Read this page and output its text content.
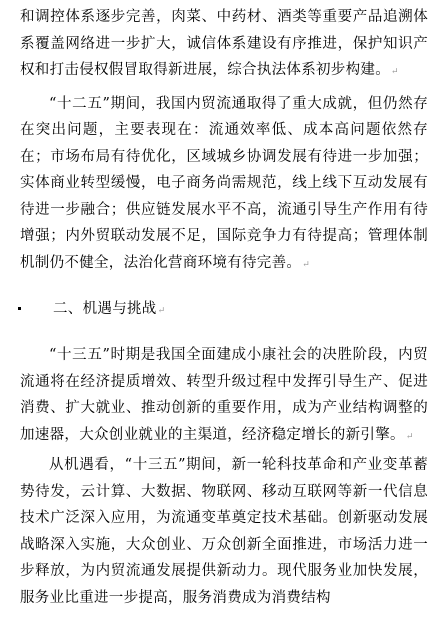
和调控体系逐步完善，肉菜、中药材、酒类等重要产品追溯体系覆盖网络进一步扩大，诚信体系建设有序推进，保护知识产权和打击侵权假冒取得新进展，综合执法体系初步构建。↵

“十二五”期间，我国内贸流通取得了重大成就，但仍然存在突出问题，主要表现在：流通效率低、成本高问题依然存在；市场布局有待优化，区域城乡协调发展有待进一步加强；实体商业转型缓慢，电子商务尚需规范，线上线下互动发展有待进一步融合；供应链发展水平不高，流通引导生产作用有待增强；内外贸联动发展不足，国际竞争力有待提高；管理体制机制仍不健全，法治化营商环境有待完善。↵

二、机遇与挑战↵

“十三五”时期是我国全面建成小康社会的决胜阶段，内贸流通将在经济提质增效、转型升级过程中发挥引导生产、促进消费、扩大就业、推动创新的重要作用，成为产业结构调整的加速器，大众创业就业的主渠道，经济稳定增长的新引擎。↵

从机遇看，“十三五”期间，新一轮科技革命和产业变革蓄势待发，云计算、大数据、物联网、移动互联网等新一代信息技术广泛深入应用，为流通变革奠定技术基础。创新驱动发展战略深入实施，大众创业、万众创新全面推进，市场活力进一步释放，为内贸流通发展提供新动力。现代服务业加快发展，服务业比重进一步提高，服务消费成为消费结构
